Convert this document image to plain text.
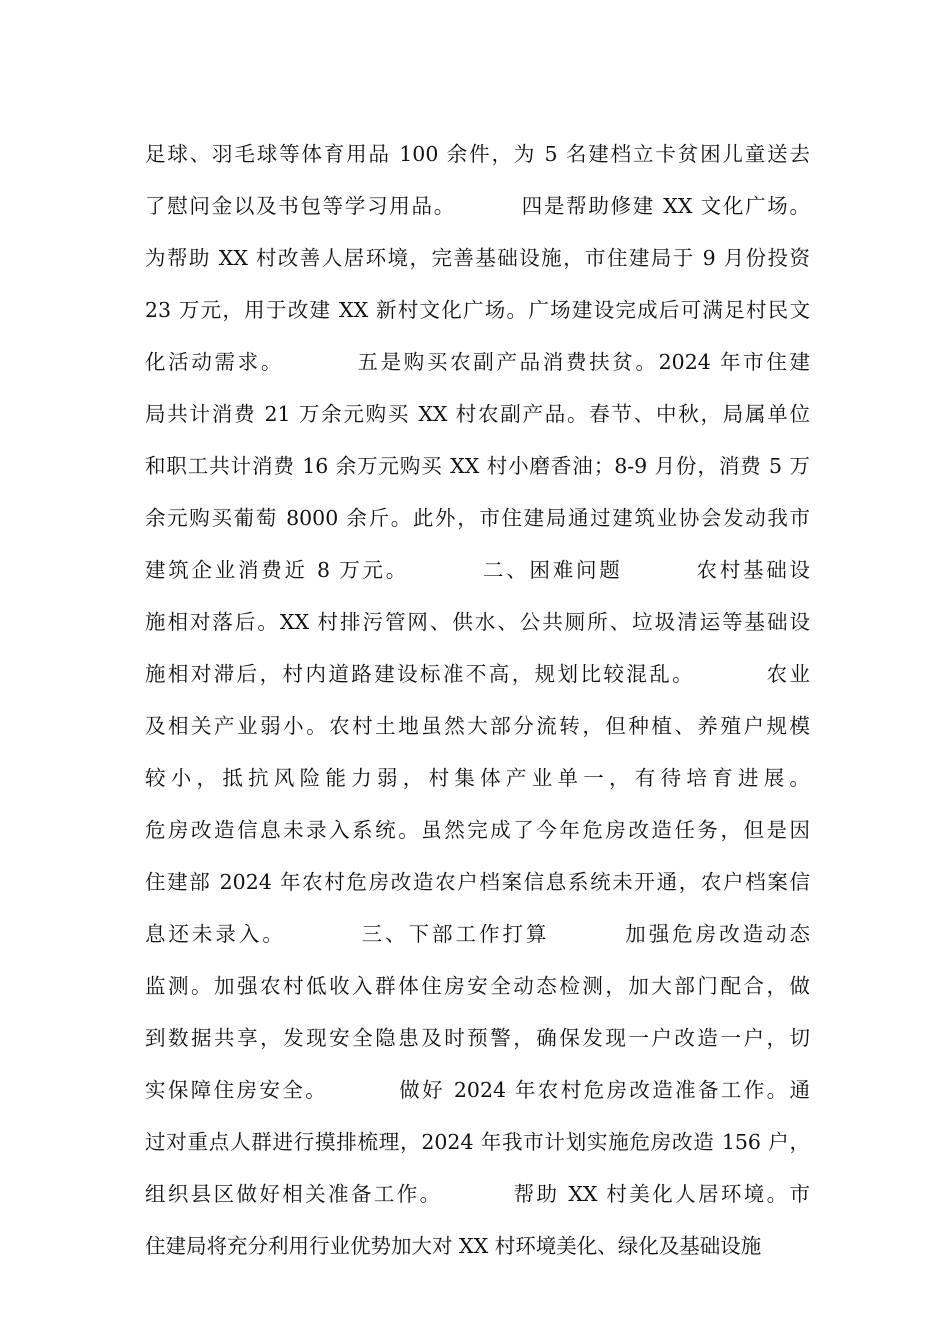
足球、羽毛球等体育用品 100 余件，为 5 名建档立卡贫困儿童送去
了慰问金以及书包等学习用品。        四是帮助修建 XX 文化广场。
为帮助 XX 村改善人居环境，完善基础设施，市住建局于 9 月份投资
23 万元，用于改建 XX 新村文化广场。广场建设完成后可满足村民文
化活动需求。        五是购买农副产品消费扶贫。2024 年市住建
局共计消费 21 万余元购买 XX 村农副产品。春节、中秋，局属单位
和职工共计消费 16 余万元购买 XX 村小磨香油；8-9 月份，消费 5 万
余元购买葡萄 8000 余斤。此外，市住建局通过建筑业协会发动我市
建筑企业消费近 8 万元。        二、困难问题        农村基础设
施相对落后。XX 村排污管网、供水、公共厕所、垃圾清运等基础设
施相对滞后，村内道路建设标准不高，规划比较混乱。        农业
及相关产业弱小。农村土地虽然大部分流转，但种植、养殖户规模
较小，抵抗风险能力弱，村集体产业单一，有待培育进展。
危房改造信息未录入系统。虽然完成了今年危房改造任务，但是因
住建部 2024 年农村危房改造农户档案信息系统未开通，农户档案信
息还未录入。        三、下部工作打算        加强危房改造动态
监测。加强农村低收入群体住房安全动态检测，加大部门配合，做
到数据共享，发现安全隐患及时预警，确保发现一户改造一户，切
实保障住房安全。        做好 2024 年农村危房改造准备工作。通
过对重点人群进行摸排梳理，2024 年我市计划实施危房改造 156 户，
组织县区做好相关准备工作。        帮助 XX 村美化人居环境。市
住建局将充分利用行业优势加大对 XX 村环境美化、绿化及基础设施
